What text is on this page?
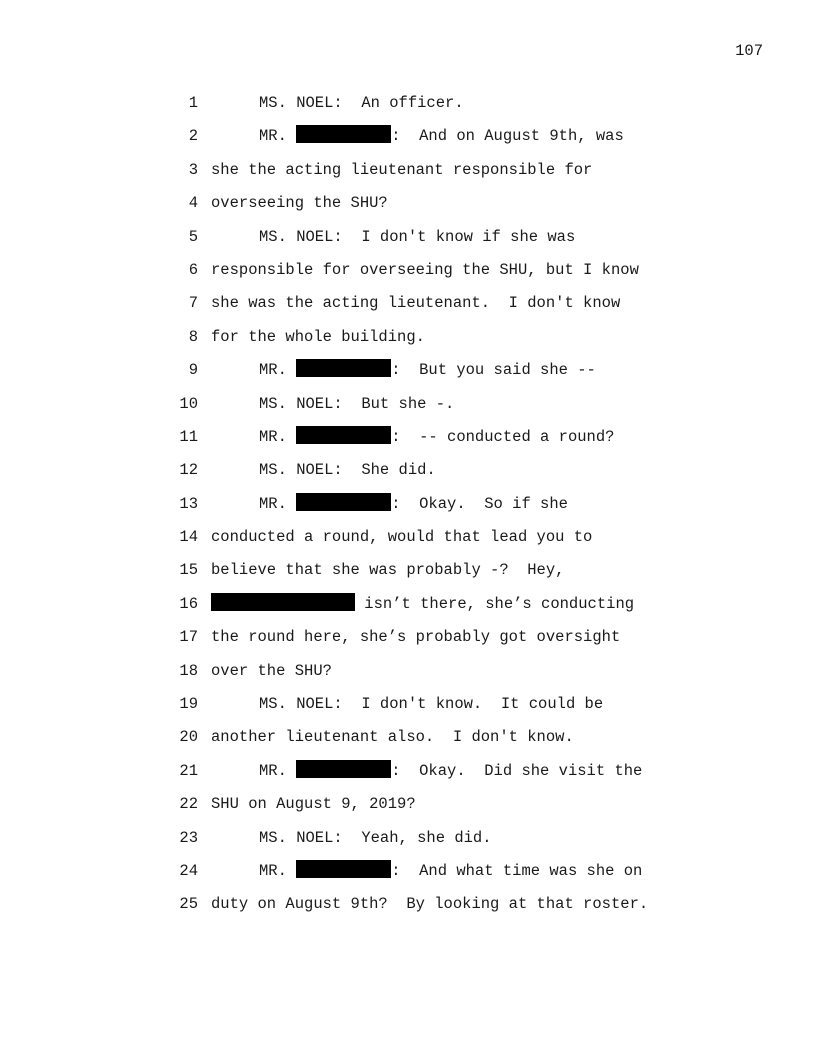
107
1	MS. NOEL:  An officer.
2	MR.	:  And on August 9th, was
3 she the acting lieutenant responsible for
4 overseeing the SHU?
5	MS. NOEL:  I don't know if she was
6 responsible for overseeing the SHU, but I know
7 she was the acting lieutenant.  I don't know
8 for the whole building.
9	MR.	:  But you said she --
10	MS. NOEL:  But she -.
11	MR.	:  -- conducted a round?
12	MS. NOEL:  She did.
13	MR.	:  Okay.  So if she
14 conducted a round, would that lead you to
15 believe that she was probably -?  Hey,
16	isn’t there, she’s conducting
17 the round here, she’s probably got oversight
18 over the SHU?
19	MS. NOEL:  I don't know.  It could be
20 another lieutenant also.  I don't know.
21	MR.	:  Okay.  Did she visit the
22 SHU on August 9, 2019?
23	MS. NOEL:  Yeah, she did.
24	MR.	:  And what time was she on
25 duty on August 9th?  By looking at that roster.
